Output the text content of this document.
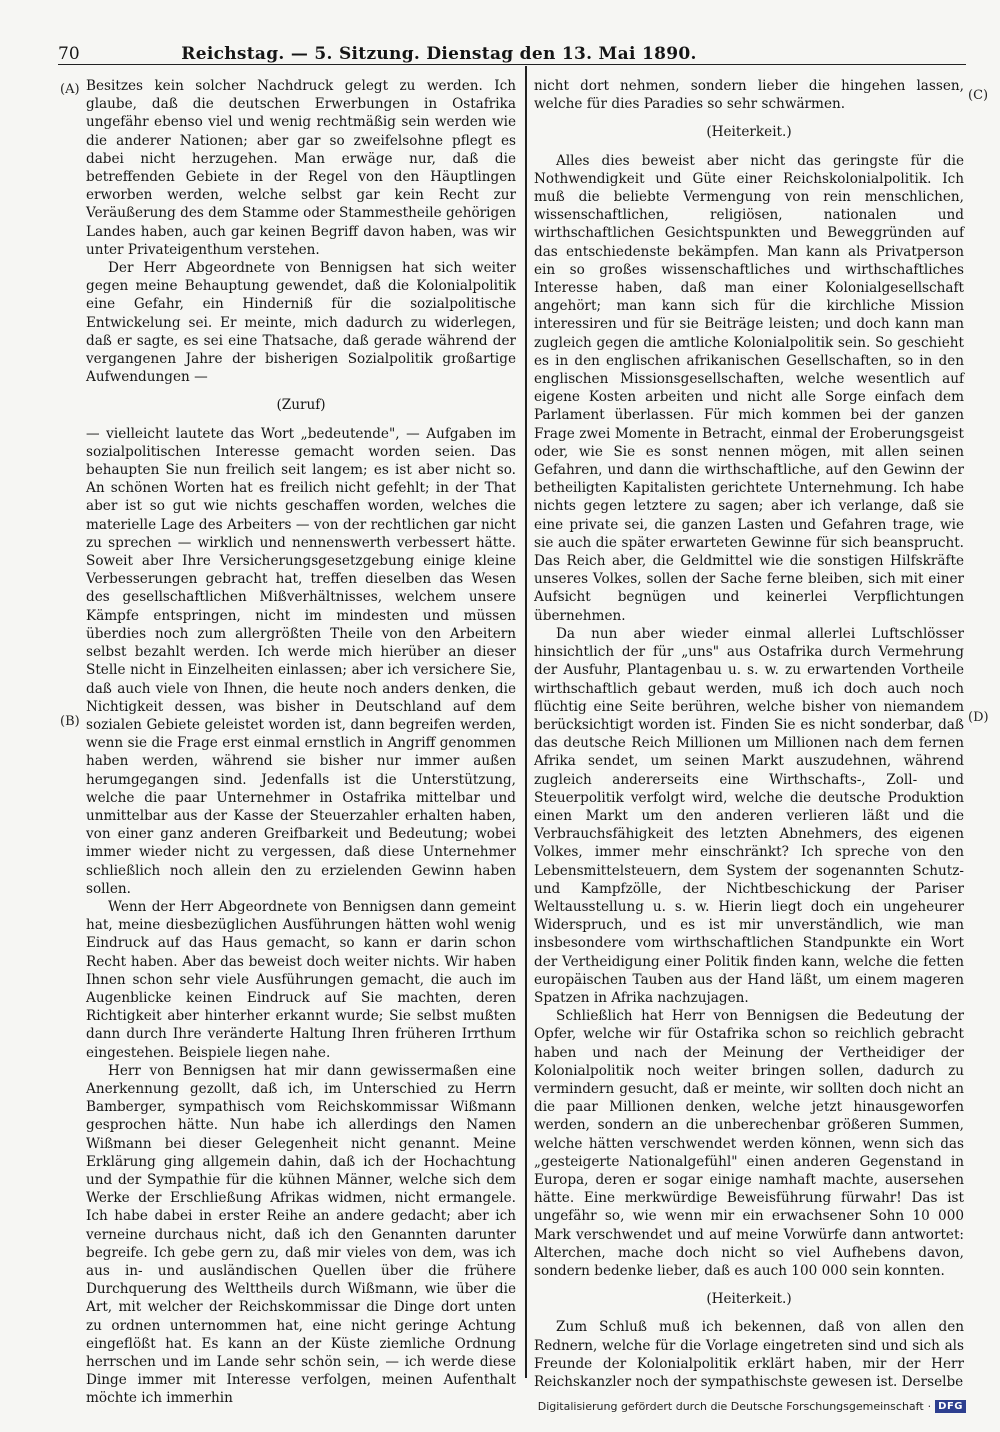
70	Reichstag. — 5. Sitzung. Dienstag den 13. Mai 1890.
(A)
(B)
(C)
(D)

Besitzes kein solcher Nachdruck gelegt zu werden. Ich glaube, daß die deutschen Erwerbungen in Ostafrika ungefähr ebenso viel und wenig rechtmäßig sein werden wie die anderer Nationen; aber gar so zweifelsohne pflegt es dabei nicht herzugehen. Man erwäge nur, daß die betreffenden Gebiete in der Regel von den Häuptlingen erworben werden, welche selbst gar kein Recht zur Veräußerung des dem Stamme oder Stammestheile gehörigen Landes haben, auch gar keinen Begriff davon haben, was wir unter Privateigenthum verstehen.

Der Herr Abgeordnete von Bennigsen hat sich weiter gegen meine Behauptung gewendet, daß die Kolonialpolitik eine Gefahr, ein Hinderniß für die sozialpolitische Entwickelung sei. Er meinte, mich dadurch zu widerlegen, daß er sagte, es sei eine Thatsache, daß gerade während der vergangenen Jahre der bisherigen Sozialpolitik großartige Aufwendungen —

(Zuruf)

— vielleicht lautete das Wort „bedeutende", — Aufgaben im sozialpolitischen Interesse gemacht worden seien. Das behaupten Sie nun freilich seit langem; es ist aber nicht so. An schönen Worten hat es freilich nicht gefehlt; in der That aber ist so gut wie nichts geschaffen worden, welches die materielle Lage des Arbeiters — von der rechtlichen gar nicht zu sprechen — wirklich und nennenswerth verbessert hätte. Soweit aber Ihre Versicherungsgesetzgebung einige kleine Verbesserungen gebracht hat, treffen dieselben das Wesen des gesellschaftlichen Mißverhältnisses, welchem unsere Kämpfe entspringen, nicht im mindesten und müssen überdies noch zum allergrößten Theile von den Arbeitern selbst bezahlt werden. Ich werde mich hierüber an dieser Stelle nicht in Einzelheiten einlassen; aber ich versichere Sie, daß auch viele von Ihnen, die heute noch anders denken, die Nichtigkeit dessen, was bisher in Deutschland auf dem sozialen Gebiete geleistet worden ist, dann begreifen werden, wenn sie die Frage erst einmal ernstlich in Angriff genommen haben werden, während sie bisher nur immer außen herumgegangen sind. Jedenfalls ist die Unterstützung, welche die paar Unternehmer in Ostafrika mittelbar und unmittelbar aus der Kasse der Steuerzahler erhalten haben, von einer ganz anderen Greifbarkeit und Bedeutung; wobei immer wieder nicht zu vergessen, daß diese Unternehmer schließlich noch allein den zu erzielenden Gewinn haben sollen.

Wenn der Herr Abgeordnete von Bennigsen dann gemeint hat, meine diesbezüglichen Ausführungen hätten wohl wenig Eindruck auf das Haus gemacht, so kann er darin schon Recht haben. Aber das beweist doch weiter nichts. Wir haben Ihnen schon sehr viele Ausführungen gemacht, die auch im Augenblicke keinen Eindruck auf Sie machten, deren Richtigkeit aber hinterher erkannt wurde; Sie selbst mußten dann durch Ihre veränderte Haltung Ihren früheren Irrthum eingestehen. Beispiele liegen nahe.

Herr von Bennigsen hat mir dann gewissermaßen eine Anerkennung gezollt, daß ich, im Unterschied zu Herrn Bamberger, sympathisch vom Reichskommissar Wißmann gesprochen hätte. Nun habe ich allerdings den Namen Wißmann bei dieser Gelegenheit nicht genannt. Meine Erklärung ging allgemein dahin, daß ich der Hochachtung und der Sympathie für die kühnen Männer, welche sich dem Werke der Erschließung Afrikas widmen, nicht ermangele. Ich habe dabei in erster Reihe an andere gedacht; aber ich verneine durchaus nicht, daß ich den Genannten darunter begreife. Ich gebe gern zu, daß mir vieles von dem, was ich aus in- und ausländischen Quellen über die frühere Durchquerung des Welttheils durch Wißmann, wie über die Art, mit welcher der Reichskommissar die Dinge dort unten zu ordnen unternommen hat, eine nicht geringe Achtung eingeflößt hat. Es kann an der Küste ziemliche Ordnung herrschen und im Lande sehr schön sein, — ich werde diese Dinge immer mit Interesse verfolgen, meinen Aufenthalt möchte ich immerhin

nicht dort nehmen, sondern lieber die hingehen lassen, welche für dies Paradies so sehr schwärmen.

(Heiterkeit.)

Alles dies beweist aber nicht das geringste für die Nothwendigkeit und Güte einer Reichskolonialpolitik. Ich muß die beliebte Vermengung von rein menschlichen, wissenschaftlichen, religiösen, nationalen und wirthschaftlichen Gesichtspunkten und Beweggründen auf das entschiedenste bekämpfen. Man kann als Privatperson ein so großes wissenschaftliches und wirthschaftliches Interesse haben, daß man einer Kolonialgesellschaft angehört; man kann sich für die kirchliche Mission interessiren und für sie Beiträge leisten; und doch kann man zugleich gegen die amtliche Kolonialpolitik sein. So geschieht es in den englischen afrikanischen Gesellschaften, so in den englischen Missionsgesellschaften, welche wesentlich auf eigene Kosten arbeiten und nicht alle Sorge einfach dem Parlament überlassen. Für mich kommen bei der ganzen Frage zwei Momente in Betracht, einmal der Eroberungsgeist oder, wie Sie es sonst nennen mögen, mit allen seinen Gefahren, und dann die wirthschaftliche, auf den Gewinn der betheiligten Kapitalisten gerichtete Unternehmung. Ich habe nichts gegen letztere zu sagen; aber ich verlange, daß sie eine private sei, die ganzen Lasten und Gefahren trage, wie sie auch die später erwarteten Gewinne für sich beansprucht. Das Reich aber, die Geldmittel wie die sonstigen Hilfskräfte unseres Volkes, sollen der Sache ferne bleiben, sich mit einer Aufsicht begnügen und keinerlei Verpflichtungen übernehmen.

Da nun aber wieder einmal allerlei Luftschlösser hinsichtlich der für „uns" aus Ostafrika durch Vermehrung der Ausfuhr, Plantagenbau u. s. w. zu erwartenden Vortheile wirthschaftlich gebaut werden, muß ich doch auch noch flüchtig eine Seite berühren, welche bisher von niemandem berücksichtigt worden ist. Finden Sie es nicht sonderbar, daß das deutsche Reich Millionen um Millionen nach dem fernen Afrika sendet, um seinen Markt auszudehnen, während zugleich andererseits eine Wirthschafts-, Zoll- und Steuerpolitik verfolgt wird, welche die deutsche Produktion einen Markt um den anderen verlieren läßt und die Verbrauchsfähigkeit des letzten Abnehmers, des eigenen Volkes, immer mehr einschränkt? Ich spreche von den Lebensmittelsteuern, dem System der sogenannten Schutz- und Kampfzölle, der Nichtbeschickung der Pariser Weltausstellung u. s. w. Hierin liegt doch ein ungeheurer Widerspruch, und es ist mir unverständlich, wie man insbesondere vom wirthschaftlichen Standpunkte ein Wort der Vertheidigung einer Politik finden kann, welche die fetten europäischen Tauben aus der Hand läßt, um einem mageren Spatzen in Afrika nachzujagen.

Schließlich hat Herr von Bennigsen die Bedeutung der Opfer, welche wir für Ostafrika schon so reichlich gebracht haben und nach der Meinung der Vertheidiger der Kolonialpolitik noch weiter bringen sollen, dadurch zu vermindern gesucht, daß er meinte, wir sollten doch nicht an die paar Millionen denken, welche jetzt hinausgeworfen werden, sondern an die unberechenbar größeren Summen, welche hätten verschwendet werden können, wenn sich das „gesteigerte Nationalgefühl" einen anderen Gegenstand in Europa, deren er sogar einige namhaft machte, ausersehen hätte. Eine merkwürdige Beweisführung fürwahr! Das ist ungefähr so, wie wenn mir ein erwachsener Sohn 10 000 Mark verschwendet und auf meine Vorwürfe dann antwortet: Alterchen, mache doch nicht so viel Aufhebens davon, sondern bedenke lieber, daß es auch 100 000 sein konnten.

(Heiterkeit.)

Zum Schluß muß ich bekennen, daß von allen den Rednern, welche für die Vorlage eingetreten sind und sich als Freunde der Kolonialpolitik erklärt haben, mir der Herr Reichskanzler noch der sympathischste gewesen ist. Derselbe

Digitalisierung gefördert durch die Deutsche Forschungsgemeinschaft · DFG
